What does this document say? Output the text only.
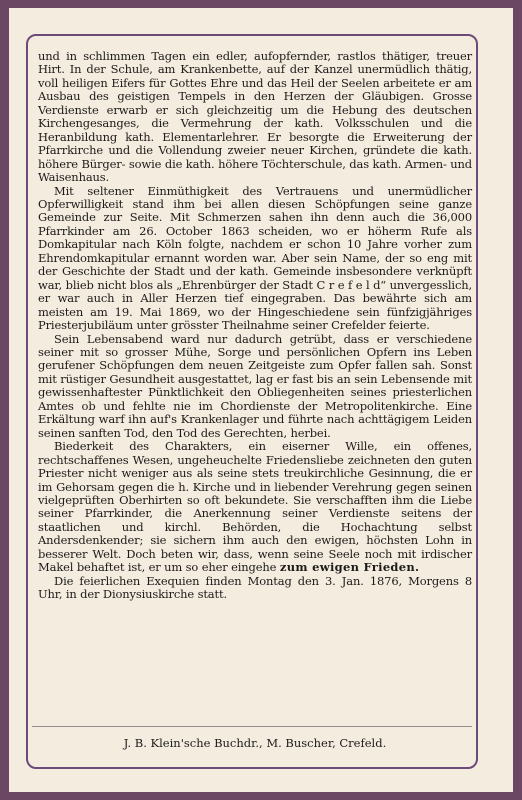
und in schlimmen Tagen ein edler, aufopfernder, rastlos thätiger, treuer Hirt. In der Schule, am Krankenbette, auf der Kanzel unermüdlich thätig, voll heiligen Eifers für Gottes Ehre und das Heil der Seelen arbeitete er am Ausbau des geistigen Tempels in den Herzen der Gläubigen. Grosse Verdienste erwarb er sich gleichzeitig um die Hebung des deutschen Kirchengesanges, die Vermehrung der kath. Volksschulen und die Heranbildung kath. Elementarlehrer. Er besorgte die Erweiterung der Pfarrkirche und die Vollendung zweier neuer Kirchen, gründete die kath. höhere Bürger- sowie die kath. höhere Töchterschule, das kath. Armen- und Waisenhaus.

Mit seltener Einmüthigkeit des Vertrauens und unermüdlicher Opferwilligkeit stand ihm bei allen diesen Schöpfungen seine ganze Gemeinde zur Seite. Mit Schmerzen sahen ihn denn auch die 36,000 Pfarrkinder am 26. October 1863 scheiden, wo er höherm Rufe als Domkapitular nach Köln folgte, nachdem er schon 10 Jahre vorher zum Ehrendomkapitular ernannt worden war. Aber sein Name, der so eng mit der Geschichte der Stadt und der kath. Gemeinde insbesondere verknüpft war, blieb nicht blos als „Ehrenbürger der Stadt C r e f e l d“ unvergesslich, er war auch in Aller Herzen tief eingegraben. Das bewährte sich am meisten am 19. Mai 1869, wo der Hingeschiedene sein fünfzigjähriges Priesterjubiläum unter grösster Theilnahme seiner Crefelder feierte.

Sein Lebensabend ward nur dadurch getrübt, dass er verschiedene seiner mit so grosser Mühe, Sorge und persönlichen Opfern ins Leben gerufener Schöpfungen dem neuen Zeitgeiste zum Opfer fallen sah. Sonst mit rüstiger Gesundheit ausgestattet, lag er fast bis an sein Lebensende mit gewissenhaftester Pünktlichkeit den Obliegenheiten seines priesterlichen Amtes ob und fehlte nie im Chordienste der Metropolitenkirche. Eine Erkältung warf ihn auf's Krankenlager und führte nach achttägigem Leiden seinen sanften Tod, den Tod des Gerechten, herbei.

Biederkeit des Charakters, ein eiserner Wille, ein offenes, rechtschaffenes Wesen, ungeheuchelte Friedensliebe zeichneten den guten Priester nicht weniger aus als seine stets treukirchliche Gesinnung, die er im Gehorsam gegen die h. Kirche und in liebender Verehrung gegen seinen vielgeprüften Oberhirten so oft bekundete. Sie verschafften ihm die Liebe seiner Pfarrkinder, die Anerkennung seiner Verdienste seitens der staatlichen und kirchl. Behörden, die Hochachtung selbst Andersdenkender; sie sichern ihm auch den ewigen, höchsten Lohn in besserer Welt. Doch beten wir, dass, wenn seine Seele noch mit irdischer Makel behaftet ist, er um so eher eingehe zum ewigen Frieden.

Die feierlichen Exequien finden Montag den 3. Jan. 1876, Morgens 8 Uhr, in der Dionysiuskirche statt.

J. B. Klein'sche Buchdr., M. Buscher, Crefeld.
